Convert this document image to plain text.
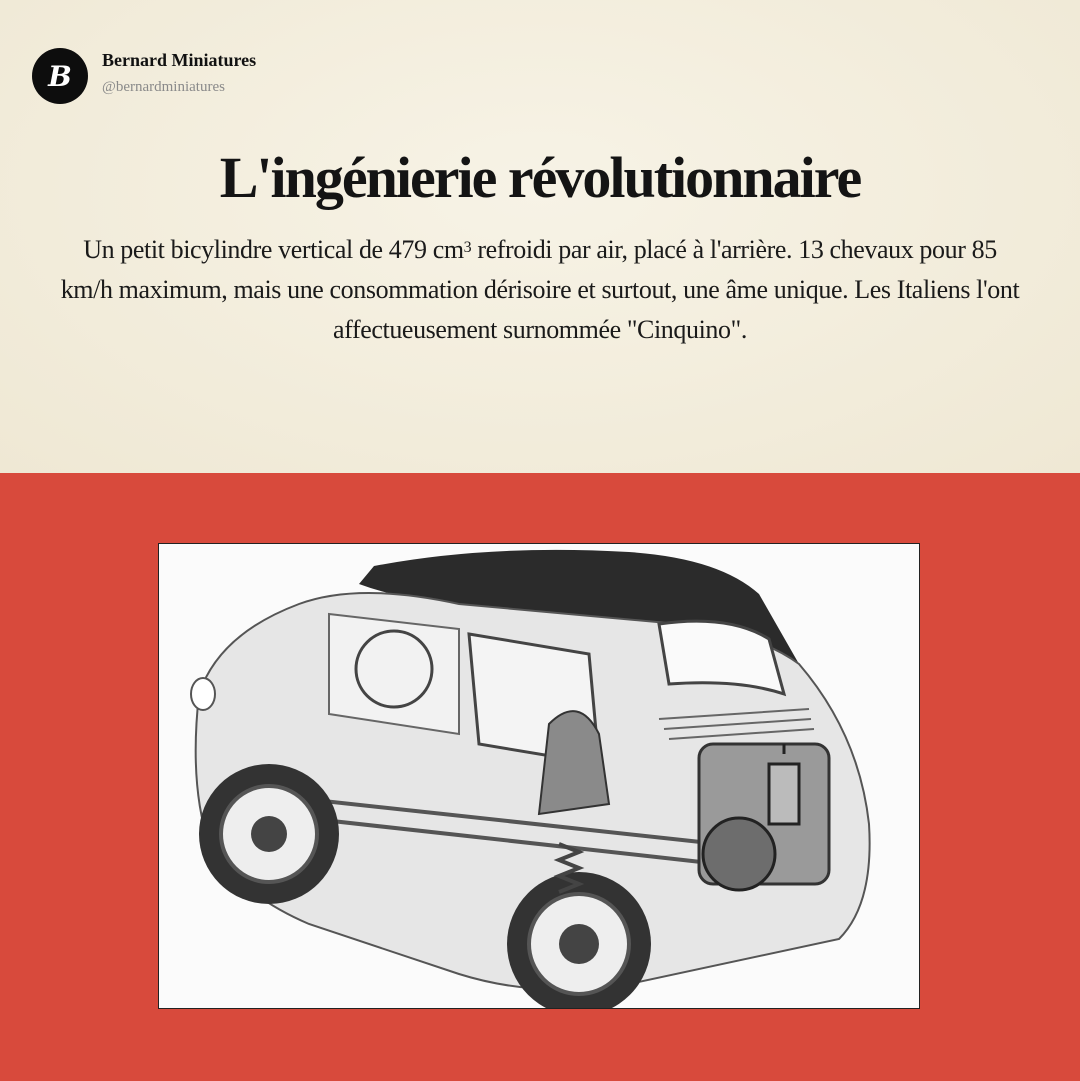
B Bernard Miniatures
@bernardminiatures
L'ingénierie révolutionnaire
Un petit bicylindre vertical de 479 $cm^3$ refroidi par air, placé à l'arrière. 13 chevaux pour 85 km/h maximum, mais une consommation dérisoire et surtout, une âme unique. Les Italiens l'ont affectueusement surnommée "Cinquino".
